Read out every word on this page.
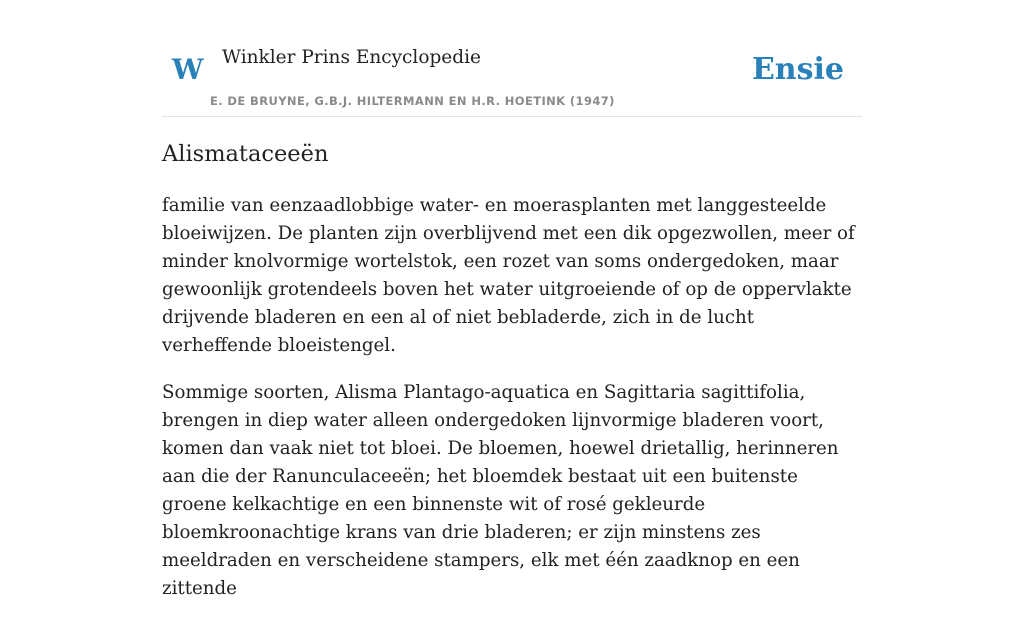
W Winkler Prins Encyclopedie
E. DE BRUYNE, G.B.J. HILTERMANN EN H.R. HOETINK (1947)
Ensie
Alismataceeën

familie van eenzaadlobbige water- en moerasplanten met langgesteelde bloeiwijzen. De planten zijn overblijvend met een dik opgezwollen, meer of minder knolvormige wortelstok, een rozet van soms ondergedoken, maar gewoonlijk grotendeels boven het water uitgroeiende of op de oppervlakte drijvende bladeren en een al of niet bebladerde, zich in de lucht verheffende bloeistengel.

Sommige soorten, Alisma Plantago-aquatica en Sagittaria sagittifolia, brengen in diep water alleen ondergedoken lijnvormige bladeren voort, komen dan vaak niet tot bloei. De bloemen, hoewel drietallig, herinneren aan die der Ranunculaceeën; het bloemdek bestaat uit een buitenste groene kelkachtige en een binnenste wit of rosé gekleurde bloemkroonachtige krans van drie bladeren; er zijn minstens zes meeldraden en verscheidene stampers, elk met één zaadknop en een zittende
